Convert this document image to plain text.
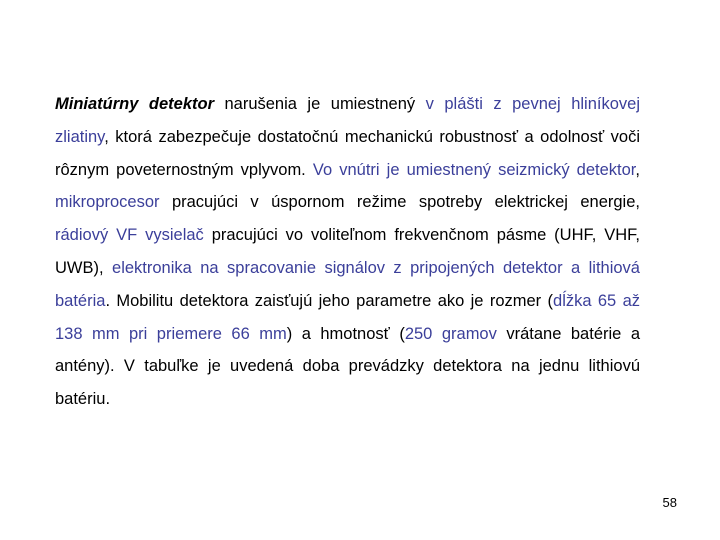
Miniatúrny detektor narušenia je umiestnený v plášti z pevnej hliníkovej zliatiny, ktorá zabezpečuje dostatočnú mechanickú robustnosť a odolnosť voči rôznym poveternostným vplyvom. Vo vnútri je umiestnený seizmický detektor, mikroprocesor pracujúci v úspornom režime spotreby elektrickej energie, rádiový VF vysielač pracujúci vo voliteľnom frekvenčnom pásme (UHF, VHF, UWB), elektronika na spracovanie signálov z pripojených detektor a lithiová batéria. Mobilitu detektora zaisťujú jeho parametre ako je rozmer (dĺžka 65 až 138 mm pri priemere 66 mm) a hmotnosť (250 gramov vrátane batérie a antény). V tabuľke je uvedená doba prevádzky detektora na jednu lithiovú batériu.

58
